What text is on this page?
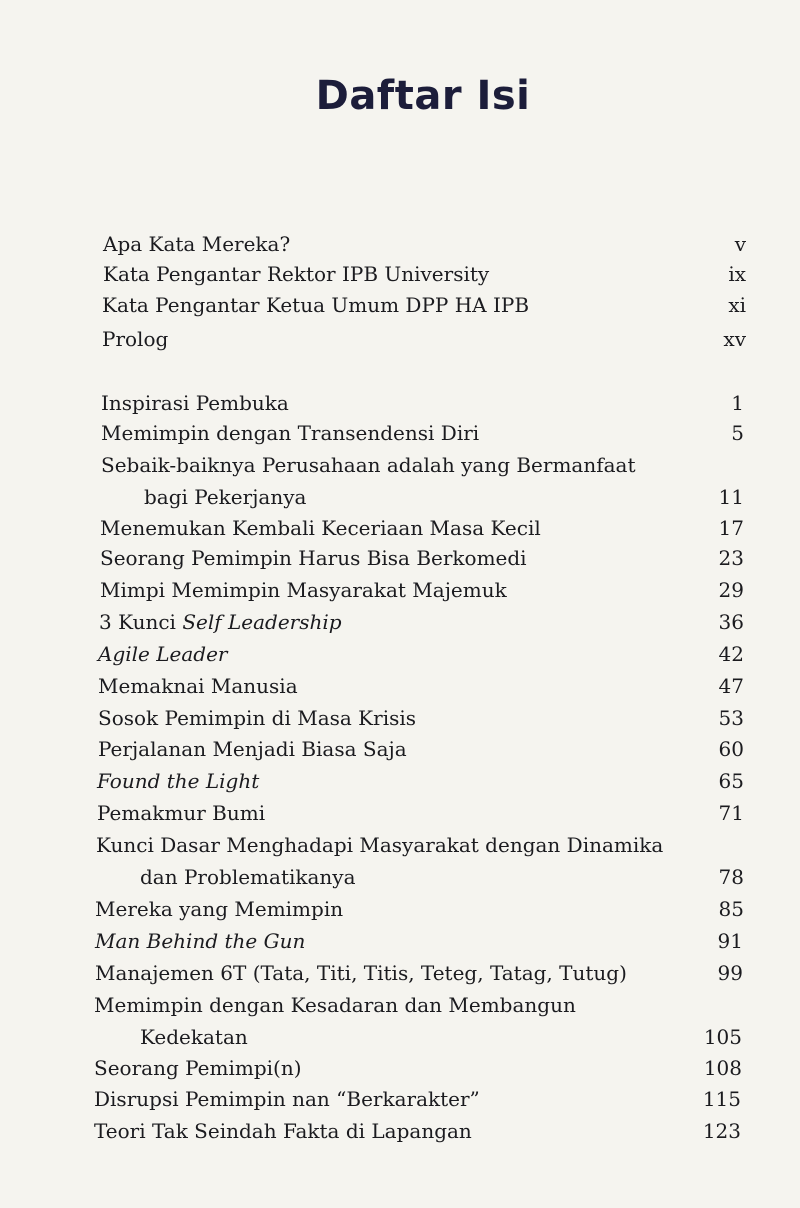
Daftar Isi
Apa Kata Mereka?	v
Kata Pengantar Rektor IPB University	ix
Kata Pengantar Ketua Umum DPP HA IPB	xi
Prolog	xv
Inspirasi Pembuka	1
Memimpin dengan Transendensi Diri	5
Sebaik-baiknya Perusahaan adalah yang Bermanfaat
bagi Pekerjanya	11
Menemukan Kembali Keceriaan Masa Kecil	17
Seorang Pemimpin Harus Bisa Berkomedi	23
Mimpi Memimpin Masyarakat Majemuk	29
3 Kunci Self Leadership	36
Agile Leader	42
Memaknai Manusia	47
Sosok Pemimpin di Masa Krisis	53
Perjalanan Menjadi Biasa Saja	60
Found the Light	65
Pemakmur Bumi	71
Kunci Dasar Menghadapi Masyarakat dengan Dinamika
dan Problematikanya	78
Mereka yang Memimpin	85
Man Behind the Gun	91
Manajemen 6T (Tata, Titi, Titis, Teteg, Tatag, Tutug)	99
Memimpin dengan Kesadaran dan Membangun
Kedekatan	105
Seorang Pemimpi(n)	108
Disrupsi Pemimpin nan “Berkarakter”	115
Teori Tak Seindah Fakta di Lapangan	123
